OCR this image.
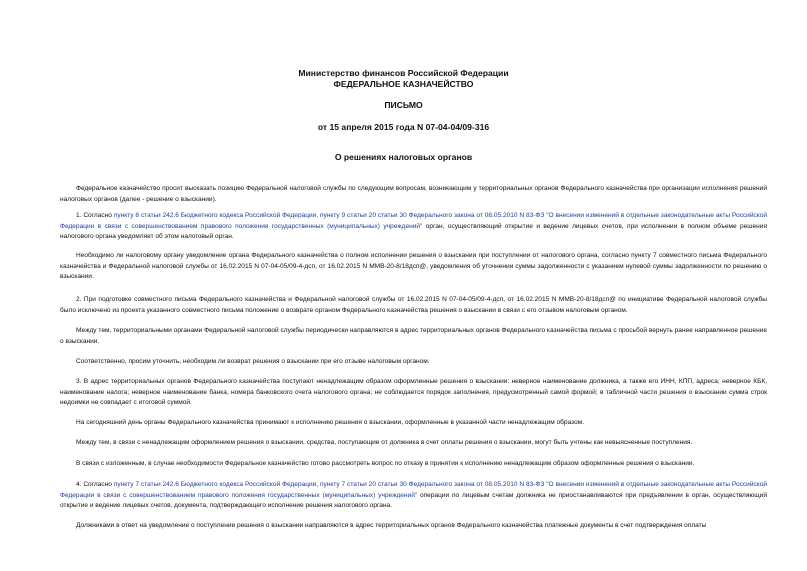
Министерство финансов Российской Федерации
ФЕДЕРАЛЬНОЕ КАЗНАЧЕЙСТВО
ПИСЬМО
от 15 апреля 2015 года N 07-04-04/09-316
О решениях налоговых органов

Федеральное казначейство просит высказать позицию Федеральной налоговой службы по следующим вопросам, возникающим у территориальных органов Федерального казначейства при организации исполнения решений налоговых органов (далее - решение о взыскании).

1. Согласно пункту 8 статьи 242.6 Бюджетного кодекса Российской Федерации, пункту 9 статьи 20 статьи 30 Федерального закона от 08.05.2010 N 83-ФЗ "О внесении изменений в отдельные законодательные акты Российской Федерации в связи с совершенствованием правового положения государственных (муниципальных) учреждений" орган, осуществляющий открытие и ведение лицевых счетов, при исполнении в полном объеме решения налогового органа уведомляет об этом налоговый орган.

Необходимо ли налоговому органу уведомление органа Федерального казначейства о полном исполнении решения о взыскании при поступлении от налогового органа, согласно пункту 7 совместного письма Федерального казначейства и Федеральной налоговой службы от 16.02.2015 N 07-04-05/09-4-дсп, от 16.02.2015 N ММВ-20-8/18дсп@, уведомления об уточнении суммы задолженности с указанием нулевой суммы задолженности по решению о взыскании.

2. При подготовке совместного письма Федерального казначейства и Федеральной налоговой службы от 16.02.2015 N 07-04-05/09-4-дсп, от 16.02.2015 N ММВ-20-8/18дсп@ по инициативе Федеральной налоговой службы было исключено из проекта указанного совместного письма положение о возврате органом Федерального казначейства решения о взыскании в связи с его отзывом налоговым органом.

Между тем, территориальными органами Федеральной налоговой службы периодически направляются в адрес территориальных органов Федерального казначейства письма с просьбой вернуть ранее направленное решение о взыскании.

Соответственно, просим уточнить, необходим ли возврат решения о взыскании при его отзыве налоговым органом.

3. В адрес территориальных органов Федерального казначейства поступают ненадлежащим образом оформленные решения о взыскании: неверное наименование должника, а также его ИНН, КПП, адреса; неверное КБК, наименование налога; неверное наименование банка, номера банковского счета налогового органа; не соблюдается порядок заполнения, предусмотренный самой формой; в табличной части решения о взыскании сумма строк недоимки не совпадает с итоговой суммой.

На сегодняшний день органы Федерального казначейства принимают к исполнению решения о взыскании, оформленные в указанной части ненадлежащим образом.

Между тем, в связи с ненадлежащим оформлением решения о взыскании, средства, поступающие от должника в счет оплаты решения о взыскании, могут быть учтены как невыясненные поступления.

В связи с изложенным, в случае необходимости Федеральное казначейство готово рассмотреть вопрос по отказу в принятии к исполнению ненадлежащим образом оформленные решения о взыскании.

4. Согласно пункту 7 статьи 242.6 Бюджетного кодекса Российской Федерации, пункту 7 статьи 20 статьи 30 Федерального закона от 08.05.2010 N 83-ФЗ "О внесении изменений в отдельные законодательные акты Российской Федерации в связи с совершенствованием правового положения государственных (муниципальных) учреждений" операции по лицевым счетам должника не приостанавливаются при предъявлении в орган, осуществляющий открытие и ведение лицевых счетов, документа, подтверждающего исполнение решения налогового органа.

Должниками в ответ на уведомление о поступлении решения о взыскании направляются в адрес территориальных органов Федерального казначейства платежные документы в счет подтверждения оплаты
